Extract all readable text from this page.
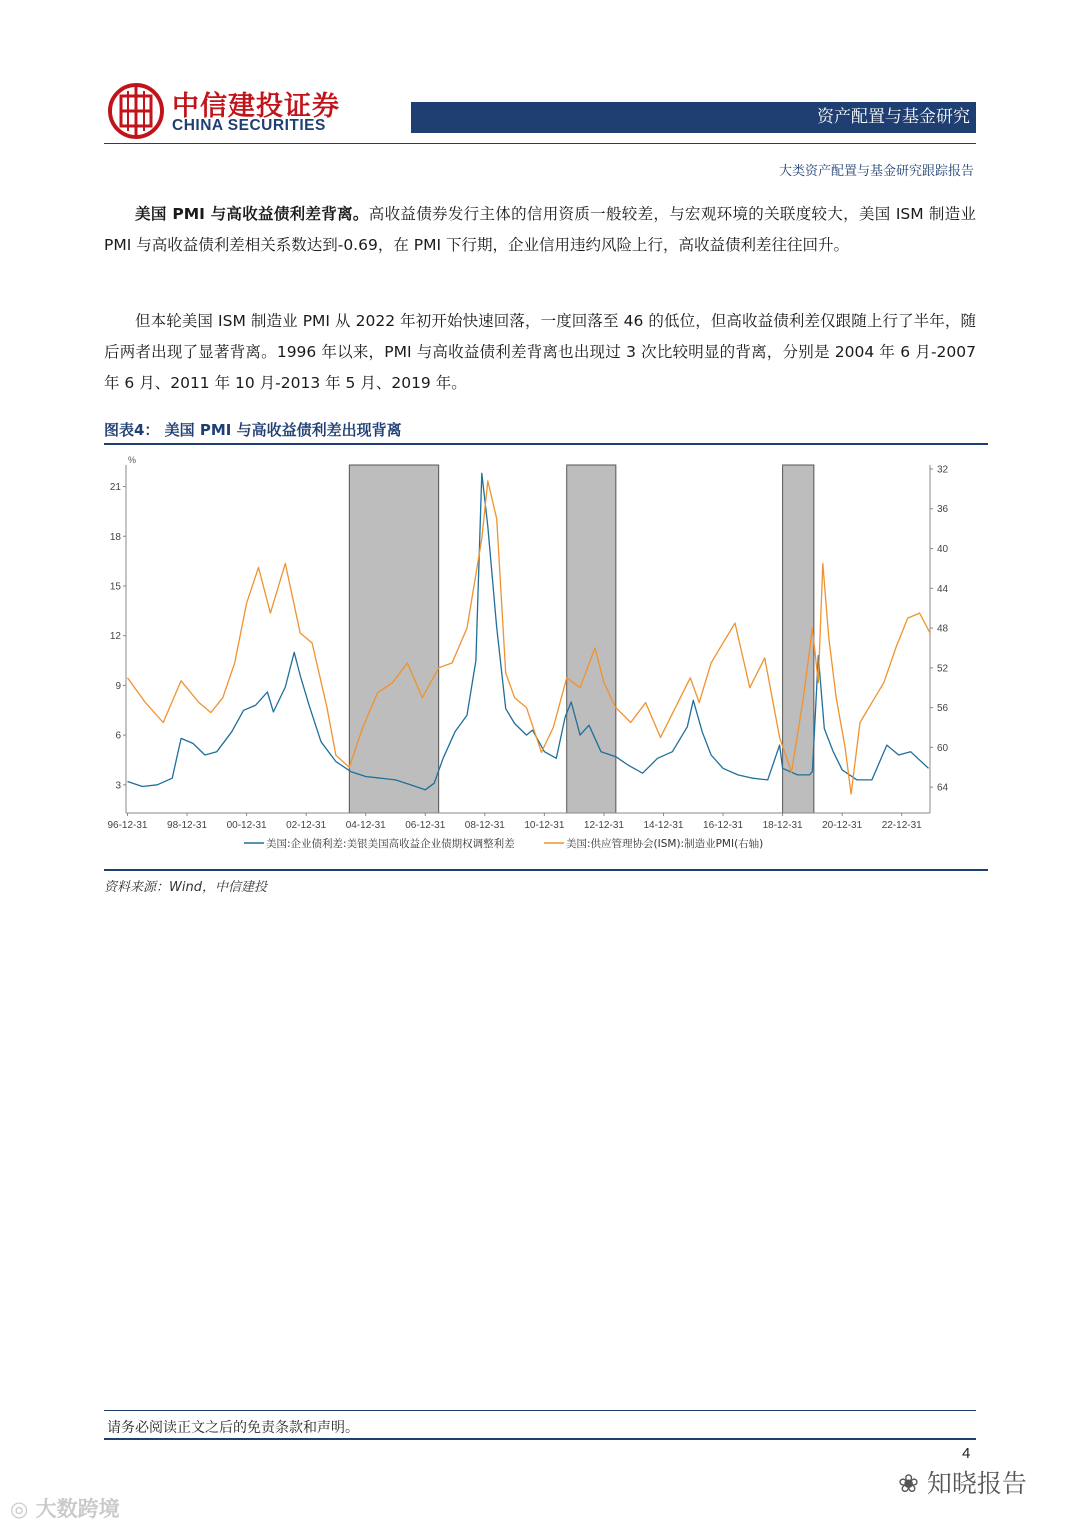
中信建投证券
CHINA SECURITIES	资产配置与基金研究
大类资产配置与基金研究跟踪报告
美国 PMI 与高收益债利差背离。高收益债券发行主体的信用资质一般较差，与宏观环境的关联度较大，美国 ISM 制造业 PMI 与高收益债利差相关系数达到-0.69，在 PMI 下行期，企业信用违约风险上行，高收益债利差往往回升。
但本轮美国 ISM 制造业 PMI 从 2022 年初开始快速回落，一度回落至 46 的低位，但高收益债利差仅跟随上行了半年，随后两者出现了显著背离。1996 年以来，PMI 与高收益债利差背离也出现过 3 次比较明显的背离，分别是 2004 年 6 月-2007 年 6 月、2011 年 10 月-2013 年 5 月、2019 年。
图表4： 美国 PMI 与高收益债利差出现背离
%
3
6
9
12
15
18
21
32
36
40
44
48
52
56
60
64
96-12-31 98-12-31 00-12-31 02-12-31 04-12-31 06-12-31 08-12-31 10-12-31 12-12-31 14-12-31 16-12-31 18-12-31 20-12-31 22-12-31
美国:企业债利差:美银美国高收益企业债期权调整利差	美国:供应管理协会(ISM):制造业PMI(右轴)
资料来源：Wind，中信建投
请务必阅读正文之后的免责条款和声明。
4
❀ 知晓报告
◎ 大数跨境
